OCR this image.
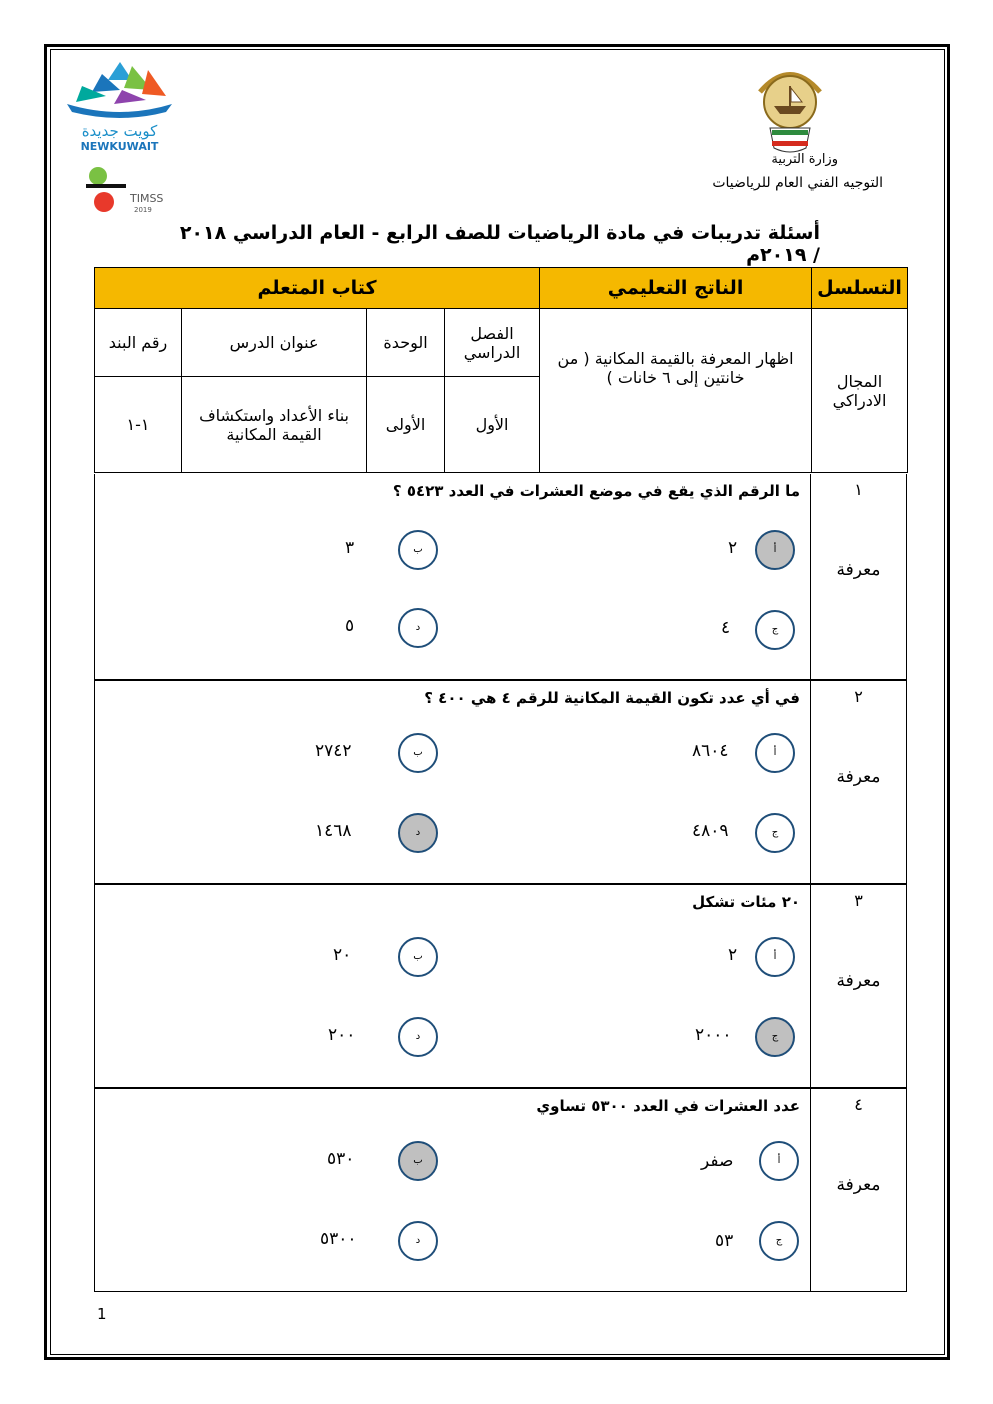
كويت جديدة
NEWKUWAIT
TIMSS
2019
وزارة التربية
التوجيه الفني العام للرياضيات
أسئلة تدريبات في مادة الرياضيات للصف الرابع - العام الدراسي ٢٠١٨ / ٢٠١٩م
التسلسل	الناتج التعليمي	كتاب المتعلم			
المجال الادراكي	اظهار المعرفة بالقيمة المكانية ( من خانتين إلى ٦ خانات )	الفصل الدراسي	الوحدة	عنوان الدرس	رقم البند
		الأول	الأولى	بناء الأعداد واستكشاف القيمة المكانية	١-١
١
معرفة
ما الرقم الذي يقع في موضع العشرات في العدد ٥٤٢٣ ؟
أ
٢
ب
٣
ج
٤
د
٥
٢
معرفة
في أي عدد تكون القيمة المكانية للرقم ٤ هي ٤٠٠ ؟
أ
٨٦٠٤
ب
٢٧٤٢
ج
٤٨٠٩
د
١٤٦٨
٣
معرفة
٢٠ مئات تشكل
أ
٢
ب
٢٠
ج
٢٠٠٠
د
٢٠٠
٤
معرفة
عدد العشرات في العدد ٥٣٠٠ تساوي
أ
صفر
ب
٥٣٠
ج
٥٣
د
٥٣٠٠
1
